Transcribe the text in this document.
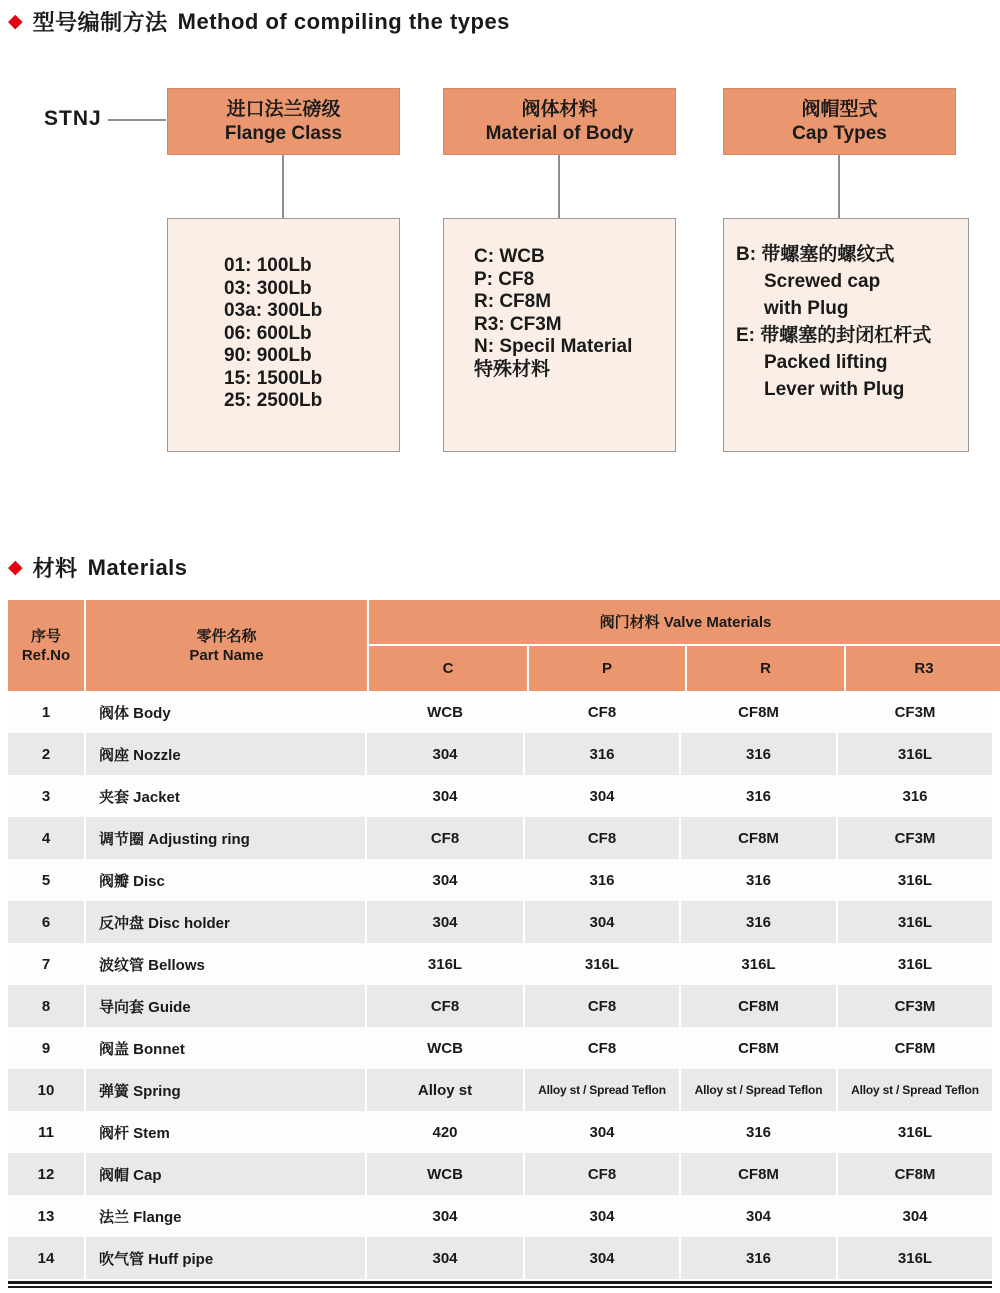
◆ 型号编制方法 Method of compiling the types
STNJ	进口法兰磅级
Flange Class
阀体材料
Material of Body
阀帽型式
Cap Types
01: 100Lb
03: 300Lb
03a: 300Lb
06: 600Lb
90: 900Lb
15: 1500Lb
25: 2500Lb
C: WCB
P: CF8
R: CF8M
R3: CF3M
N: Specil Material
特殊材料
B: 带螺塞的螺纹式
Screwed cap
with Plug
E: 带螺塞的封闭杠杆式
Packed lifting
Lever with Plug
◆ 材料 Materials
序号
Ref.No
零件名称
Part Name
阀门材料 Valve Materials
C	P	R	R3
1	阀体 Body	WCB	CF8	CF8M	CF3M
2	阀座 Nozzle	304	316	316	316L
3	夹套 Jacket	304	304	316	316
4	调节圈 Adjusting ring	CF8	CF8	CF8M	CF3M
5	阀瓣 Disc	304	316	316	316L
6	反冲盘 Disc holder	304	304	316	316L
7	波纹管 Bellows	316L	316L	316L	316L
8	导向套 Guide	CF8	CF8	CF8M	CF3M
9	阀盖 Bonnet	WCB	CF8	CF8M	CF8M
10	弹簧 Spring	Alloy st	Alloy st / Spread Teflon	Alloy st / Spread Teflon	Alloy st / Spread Teflon
11	阀杆 Stem	420	304	316	316L
12	阀帽 Cap	WCB	CF8	CF8M	CF8M
13	法兰 Flange	304	304	304	304
14	吹气管 Huff pipe	304	304	316	316L
